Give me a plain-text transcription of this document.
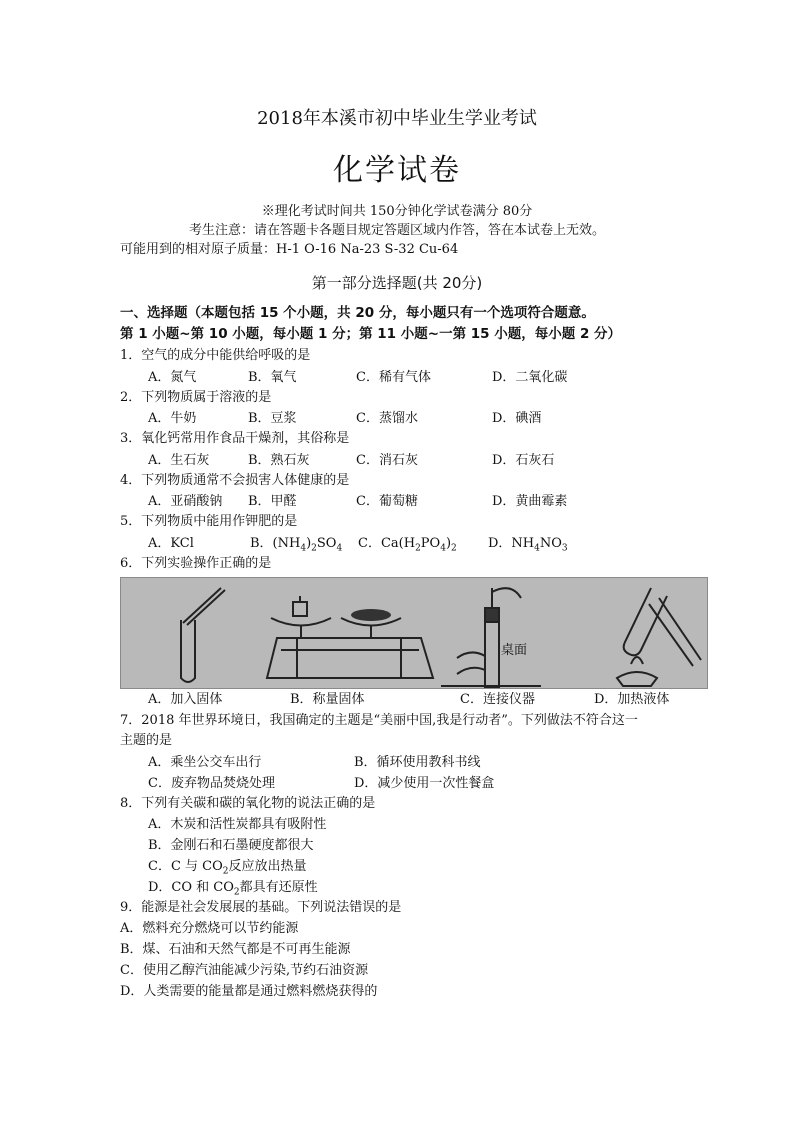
2018年本溪市初中毕业生学业考试
化学试卷
※理化考试时间共 150分钟化学试卷满分 80分
考生注意：请在答题卡各题目规定答题区域内作答，答在本试卷上无效。
可能用到的相对原子质量：H-1 O-16 Na-23 S-32 Cu-64
第一部分选择题(共 20分)
一、选择题（本题包括 15 个小题，共 20 分，每小题只有一个选项符合题意。
第 1 小题~第 10 小题，每小题 1 分；第 11 小题~一第 15 小题，每小题 2 分）
1．空气的成分中能供给呼吸的是
A．氮气	B．氧气	C．稀有气体	D．二氧化碳
2．下列物质属于溶液的是
A．牛奶	B．豆浆	C．蒸馏水	D．碘酒
3．氧化钙常用作食品干燥剂，其俗称是
A．生石灰	B．熟石灰	C．消石灰	D．石灰石
4．下列物质通常不会损害人体健康的是
A．亚硝酸钠 B．甲醛	C．葡萄糖	D．黄曲霉素
5．下列物质中能用作钾肥的是
A．KCl	B．$(NH_4)_2SO_4$ C．$Ca(H_2PO_4)_2$ D．$NH_4NO_3$
6．下列实验操作正确的是
桌面
A．加入固体	B．称量固体	C．连接仪器	D．加热液体
7．2018 年世界环境日，我国确定的主题是“美丽中国,我是行动者”。下列做法不符合这一
主题的是
A．乘坐公交车出行	B．循环使用教科书线
C．废弃物品焚烧处理	D．减少使用一次性餐盒
8．下列有关碳和碳的氧化物的说法正确的是
A．木炭和活性炭都具有吸附性
B．金刚石和石墨硬度都很大
C．C 与 $CO_2$反应放出热量
D．CO 和 $CO_2$都具有还原性
9．能源是社会发展展的基础。下列说法错误的是
A．燃料充分燃烧可以节约能源
B．煤、石油和天然气都是不可再生能源
C．使用乙醇汽油能减少污染,节约石油资源
D．人类需要的能量都是通过燃料燃烧获得的
